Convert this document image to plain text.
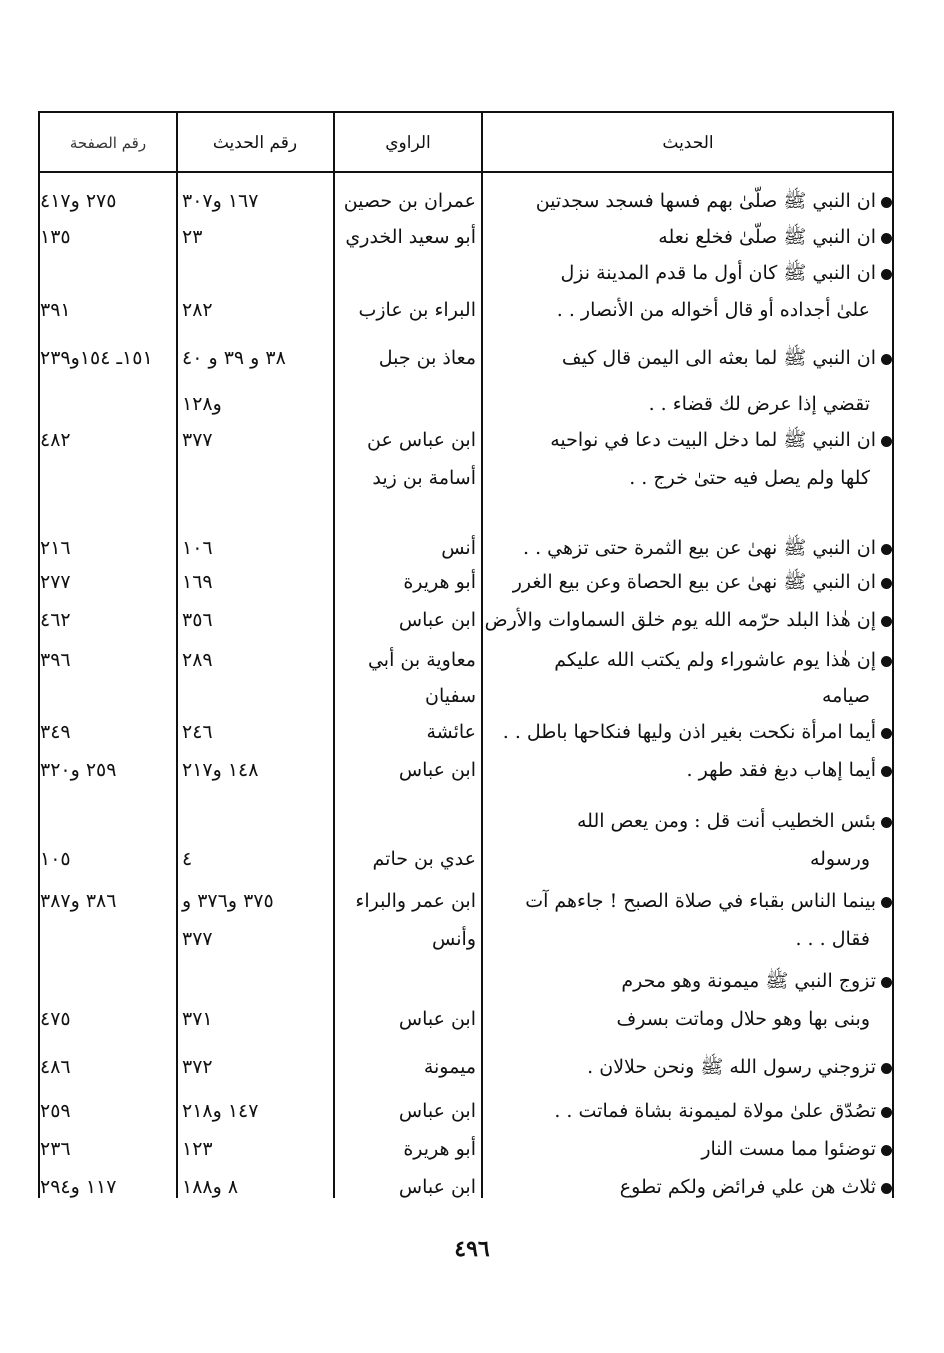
الحديث
الراوي
رقم الحديث
رقم الصفحة
ان النبي ﷺ صلّىٰ بهم فسها فسجد سجدتين
عمران بن حصين
١٦٧ و٣٠٧
٢٧٥ و٤١٧
ان النبي ﷺ صلّىٰ فخلع نعله
أبو سعيد الخدري
٢٣
١٣٥
ان النبي ﷺ كان أول ما قدم المدينة نزل
علىٰ أجداده أو قال أخواله من الأنصار . .
البراء بن عازب
٢٨٢
٣٩١
ان النبي ﷺ لما بعثه الى اليمن قال كيف
معاذ بن جبل
٣٨ و ٣٩ و ٤٠
١٥١ـ ١٥٤و٢٣٩
تقضي إذا عرض لك قضاء . .
و١٢٨
ان النبي ﷺ لما دخل البيت دعا في نواحيه
ابن عباس عن
٣٧٧
٤٨٢
كلها ولم يصل فيه حتىٰ خرج . .
أسامة بن زيد
ان النبي ﷺ نهىٰ عن بيع الثمرة حتى تزهي . .
أنس
١٠٦
٢١٦
ان النبي ﷺ نهىٰ عن بيع الحصاة وعن بيع الغرر
أبو هريرة
١٦٩
٢٧٧
إن هٰذا البلد حرّمه الله يوم خلق السماوات والأرض
ابن عباس
٣٥٦
٤٦٢
إن هٰذا يوم عاشوراء ولم يكتب الله عليكم
معاوية بن أبي
٢٨٩
٣٩٦
صيامه
سفيان
أيما امرأة نكحت بغير اذن وليها فنكاحها باطل . .
عائشة
٢٤٦
٣٤٩
أيما إهاب دبغ فقد طهر .
ابن عباس
١٤٨ و٢١٧
٢٥٩ و٣٢٠
بئس الخطيب أنت قل : ومن يعص الله
ورسوله
عدي بن حاتم
٤
١٠٥
بينما الناس بقباء في صلاة الصبح ! جاءهم آت
ابن عمر والبراء
٣٧٥ و٣٧٦ و
٣٨٦ و٣٨٧
فقال . . .
وأنس
٣٧٧
تزوج النبي ﷺ ميمونة وهو محرم
وبنى بها وهو حلال وماتت بسرف
ابن عباس
٣٧١
٤٧٥
تزوجني رسول الله ﷺ ونحن حلالان .
ميمونة
٣٧٢
٤٨٦
تصُدّق علىٰ مولاة لميمونة بشاة فماتت . .
ابن عباس
١٤٧ و٢١٨
٢٥٩
توضئوا مما مست النار
أبو هريرة
١٢٣
٢٣٦
ثلاث هن علي فرائض ولكم تطوع
ابن عباس
٨ و١٨٨
١١٧ و٢٩٤
٤٩٦
